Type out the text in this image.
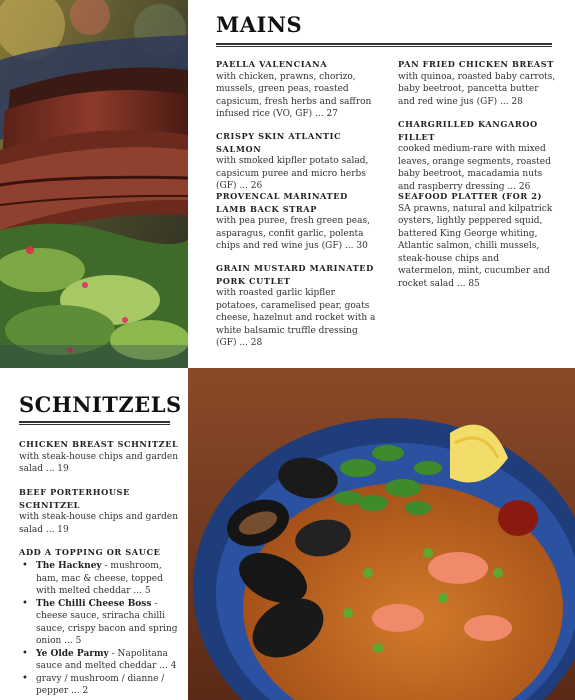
MAINS
PAELLA VALENCIANA
with chicken, prawns, chorizo, mussels, green peas, roasted capsicum, fresh herbs and saffron infused rice (VO, GF) ... 27
CRISPY SKIN ATLANTIC SALMON
with smoked kipfler potato salad, capsicum puree and micro herbs (GF) ... 26
PROVENCAL MARINATED LAMB BACK STRAP
with pea puree, fresh green peas, asparagus, confit garlic, polenta chips and red wine jus (GF) ... 30
GRAIN MUSTARD MARINATED PORK CUTLET
with roasted garlic kipfler potatoes, caramelised pear, goats cheese, hazelnut and rocket with a white balsamic truffle dressing (GF) ... 28
PAN FRIED CHICKEN BREAST
with quinoa, roasted baby carrots, baby beetroot, pancetta butter and red wine jus (GF) ... 28
CHARGRILLED KANGAROO FILLET
cooked medium-rare with mixed leaves, orange segments, roasted baby beetroot, macadamia nuts and raspberry dressing ... 26
SEAFOOD PLATTER (FOR 2)
SA prawns, natural and kilpatrick oysters, lightly peppered squid, battered King George whiting, Atlantic salmon, chilli mussels, steak-house chips and watermelon, mint, cucumber and rocket salad ... 85
SCHNITZELS
CHICKEN BREAST SCHNITZEL
with steak-house chips and garden salad ... 19
BEEF PORTERHOUSE SCHNITZEL
with steak-house chips and garden salad ... 19
ADD A TOPPING OR SAUCE
• The Hackney - mushroom, ham, mac & cheese, topped with melted cheddar ... 5
• The Chilli Cheese Boss - cheese sauce, sriracha chilli sauce, crispy bacon and spring onion ... 5
• Ye Olde Parmy - Napolitana sauce and melted cheddar ... 4
• gravy / mushroom / dianne / pepper ... 2
